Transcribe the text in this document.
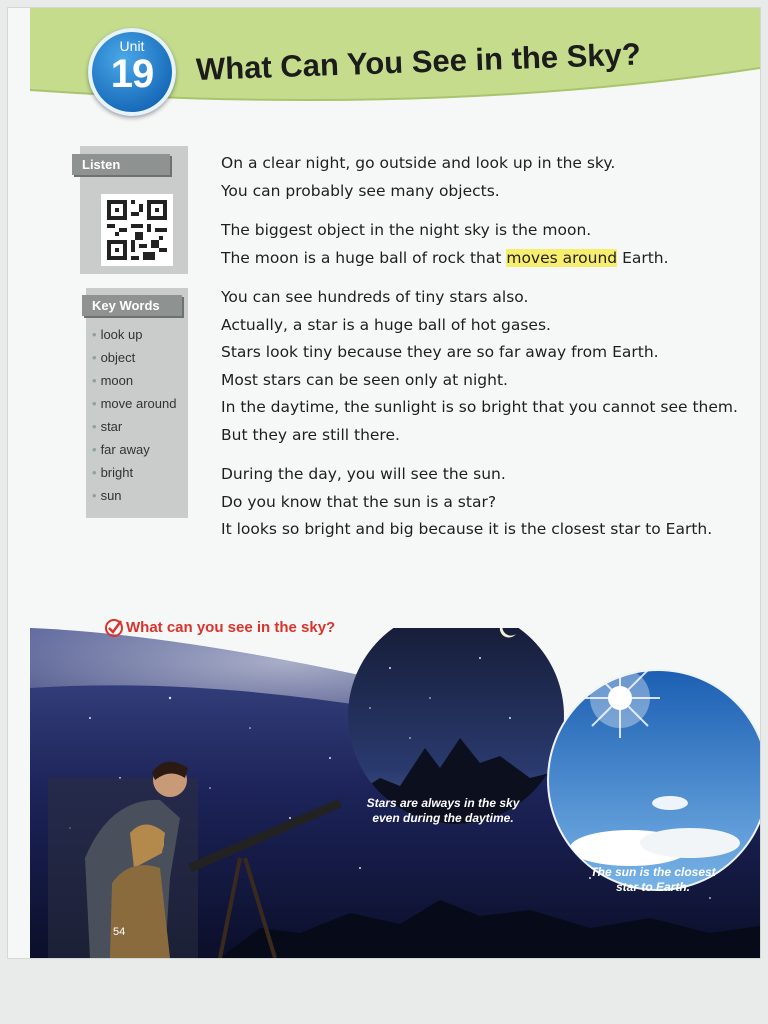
Unit
19	What Can You See in the Sky?
Listen
Key Words
• look up
• object
• moon
• move around
• star
• far away
• bright
• sun

On a clear night, go outside and look up in the sky.
You can probably see many objects.

The biggest object in the night sky is the moon.
The moon is a huge ball of rock that moves around Earth.

You can see hundreds of tiny stars also.
Actually, a star is a huge ball of hot gases.
Stars look tiny because they are so far away from Earth.
Most stars can be seen only at night.
In the daytime, the sunlight is so bright that you cannot see them.
But they are still there.

During the day, you will see the sun.
Do you know that the sun is a star?
It looks so bright and big because it is the closest star to Earth.

What can you see in the sky?
Stars are always in the sky
even during the daytime.
The sun is the closest
star to Earth.
54
